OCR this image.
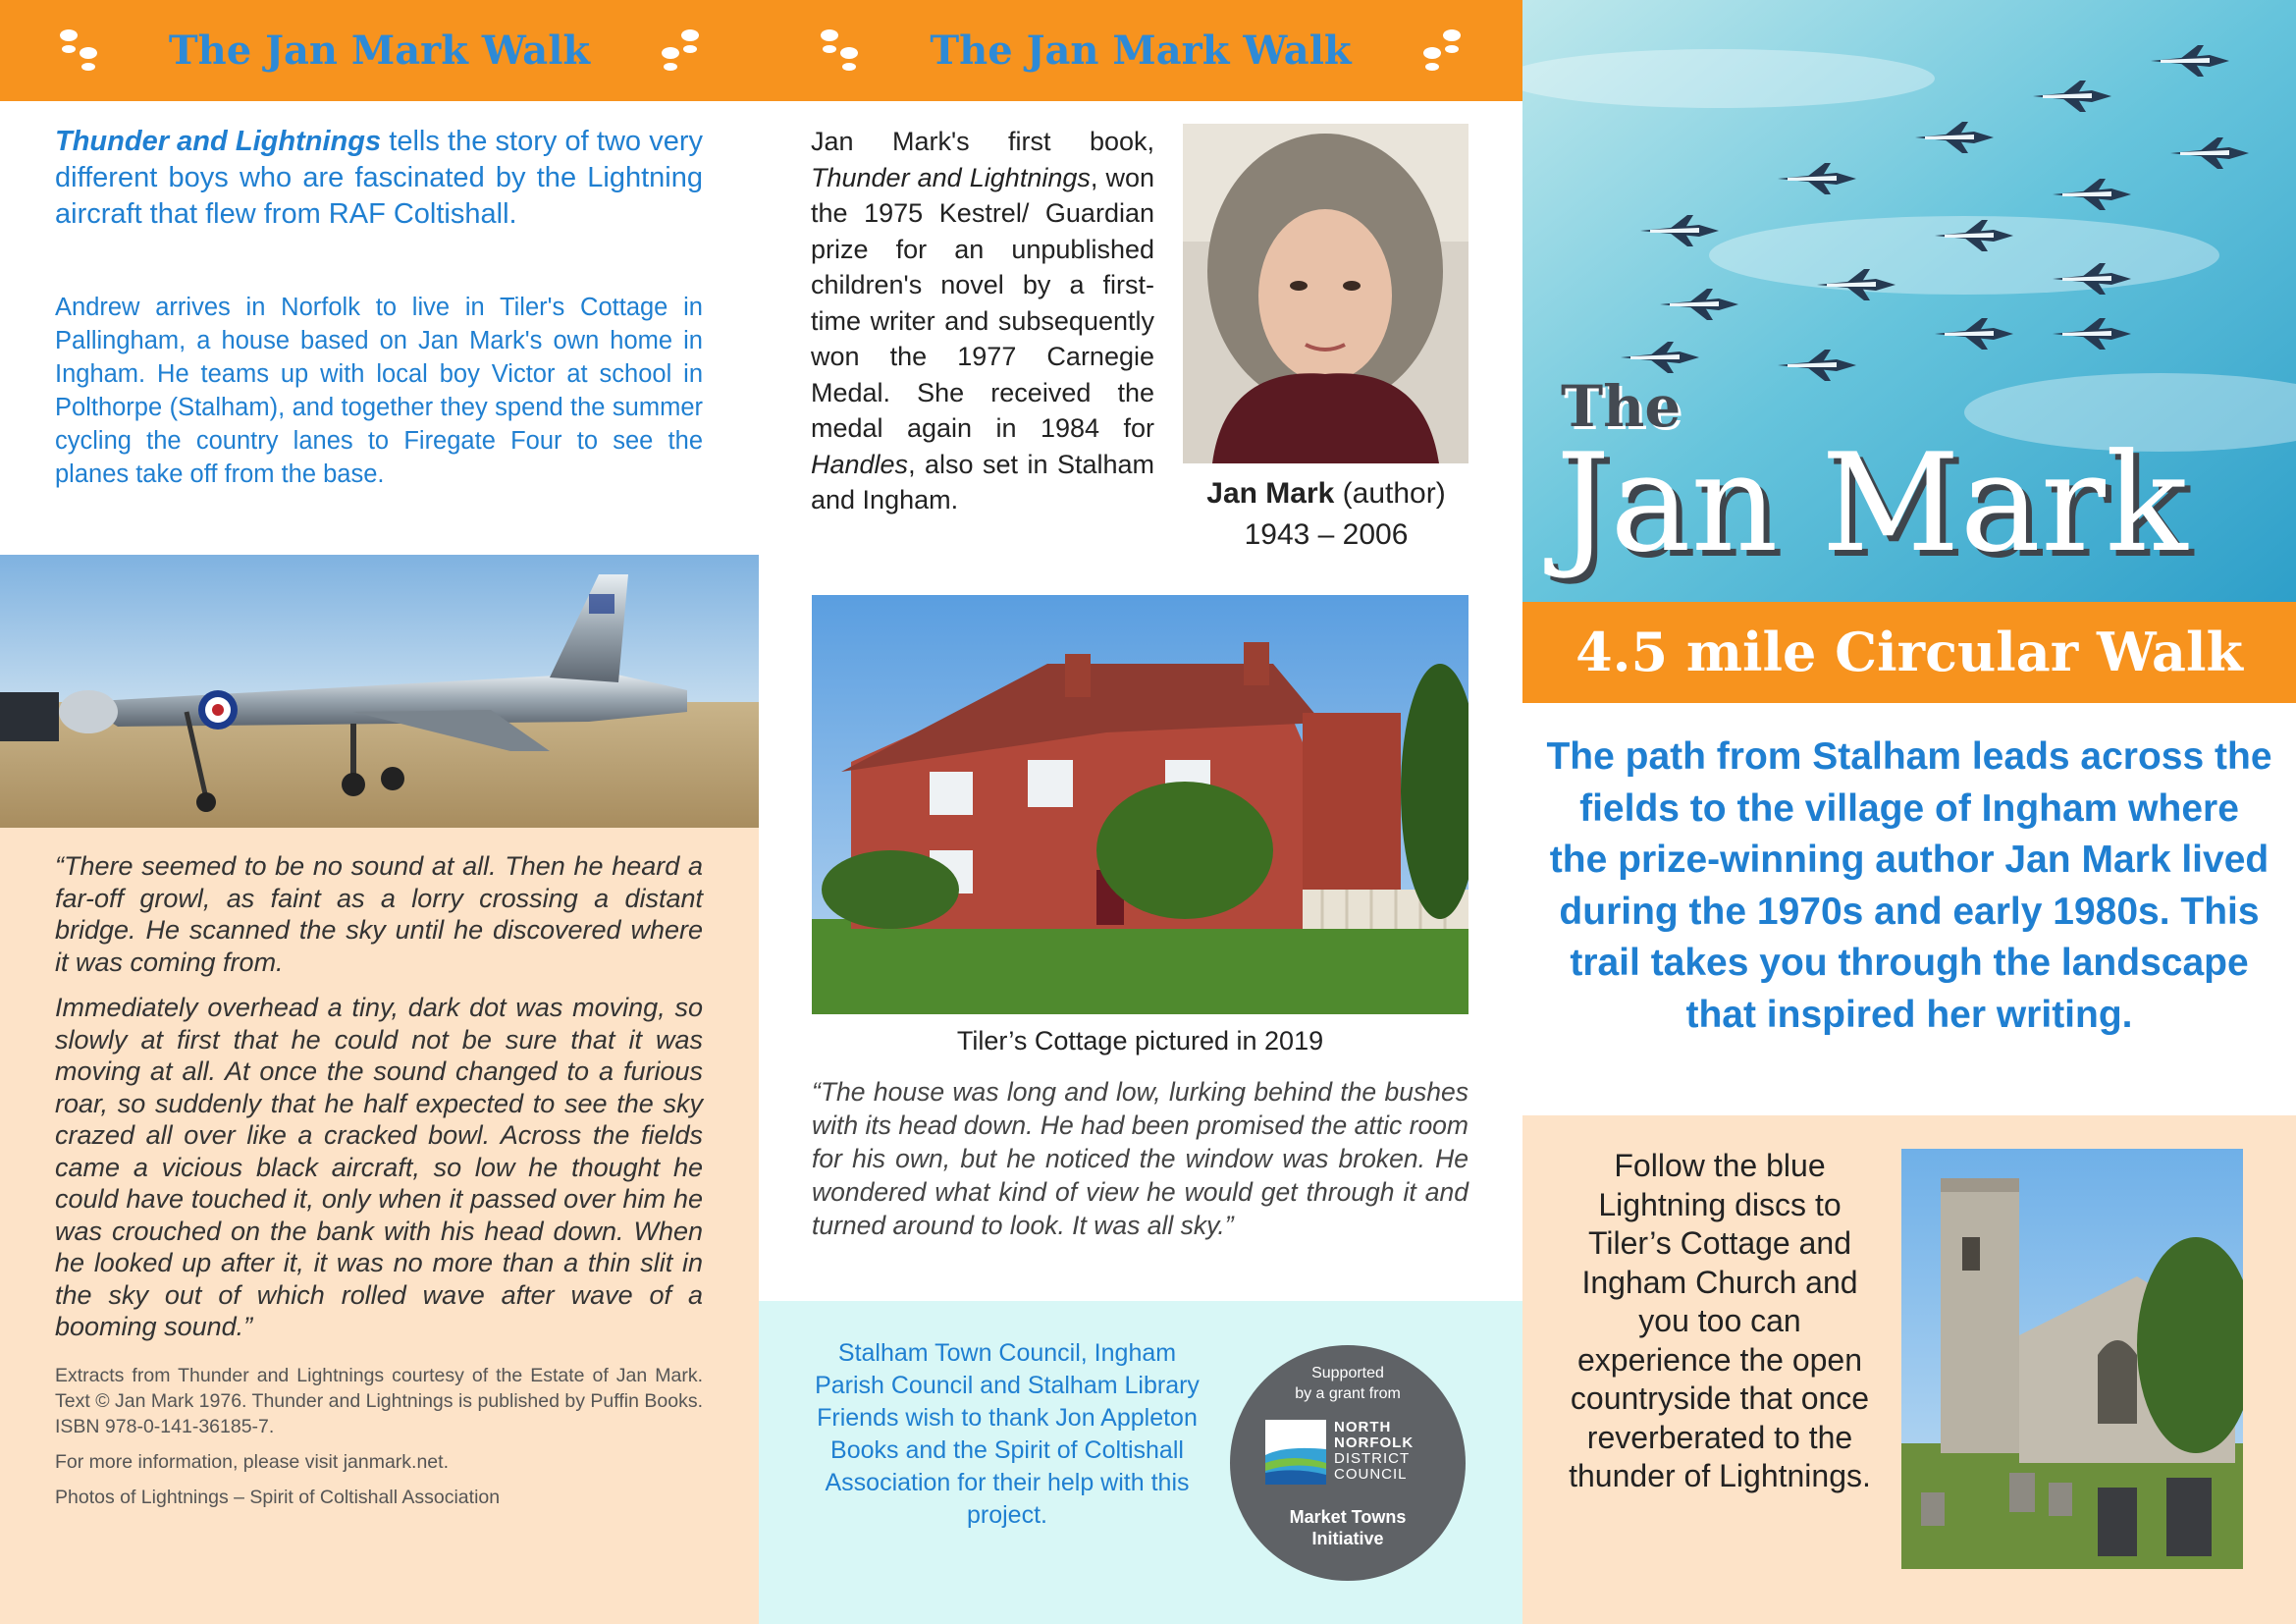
The Jan Mark Walk

Thunder and Lightnings tells the story of two very different boys who are fascinated by the Lightning aircraft that flew from RAF Coltishall.

Andrew arrives in Norfolk to live in Tiler's Cottage in Pallingham, a house based on Jan Mark's own home in Ingham. He teams up with local boy Victor at school in Polthorpe (Stalham), and together they spend the summer cycling the country lanes to Firegate Four to see the planes take off from the base.

“There seemed to be no sound at all. Then he heard a far-off growl, as faint as a lorry crossing a distant bridge. He scanned the sky until he discovered where it was coming from.

Immediately overhead a tiny, dark dot was moving, so slowly at first that he could not be sure that it was moving at all. At once the sound changed to a furious roar, so suddenly that he half expected to see the sky crazed all over like a cracked bowl. Across the fields came a vicious black aircraft, so low he thought he could have touched it, only when it passed over him he was crouched on the bank with his head down. When he looked up after it, it was no more than a thin slit in the sky out of which rolled wave after wave of a booming sound.”

Extracts from Thunder and Lightnings courtesy of the Estate of Jan Mark. Text © Jan Mark 1976. Thunder and Lightnings is published by Puffin Books. ISBN 978-0-141-36185-7.

For more information, please visit janmark.net.

Photos of Lightnings – Spirit of Coltishall Association

The Jan Mark Walk

Jan Mark's first book, Thunder and Lightnings, won the 1975 Kestrel/ Guardian prize for an unpublished children's novel by a first-time writer and subsequently won the 1977 Carnegie Medal. She received the medal again in 1984 for Handles, also set in Stalham and Ingham.	Jan Mark (author)
1943 – 2006
Tiler’s Cottage pictured in 2019

“The house was long and low, lurking behind the bushes with its head down. He had been promised the attic room for his own, but he noticed the window was broken. He wondered what kind of view he would get through it and turned around to look. It was all sky.”

Stalham Town Council, Ingham Parish Council and Stalham Library Friends wish to thank Jon Appleton Books and the Spirit of Coltishall Association for their help with this project.

Supported
by a grant from
NORTH
NORFOLK
DISTRICT
COUNCIL
Market Towns
Initiative
The
Jan Mark
4.5 mile Circular Walk

The path from Stalham leads across the fields to the village of Ingham where the prize-winning author Jan Mark lived during the 1970s and early 1980s. This trail takes you through the landscape that inspired her writing.

Follow the blue Lightning discs to Tiler’s Cottage and Ingham Church and you too can experience the open countryside that once reverberated to the thunder of Lightnings.
